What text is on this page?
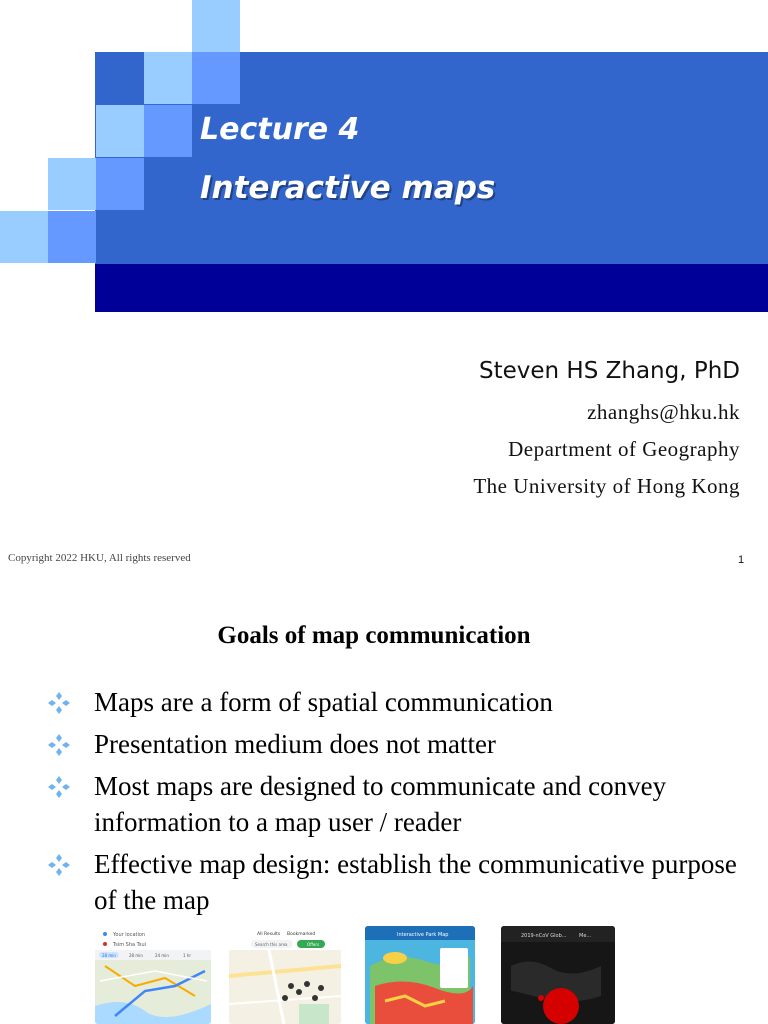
Lecture 4
Interactive maps
Steven HS Zhang, PhD
zhanghs@hku.hk
Department of Geography
The University of Hong Kong
Copyright 2022 HKU, All rights reserved	1
Goals of map communication
Maps are a form of spatial communication
Presentation medium does not matter
Most maps are designed to communicate and convey information to a map user / reader
Effective map design: establish the communicative purpose of the map
Your location
Tsim Sha Tsui
28 min	28 min	24 min	1 hr
All Results Bookmarked
Search this area	Offers
Interactive Park Map	2019-nCoV Glob... Me...
